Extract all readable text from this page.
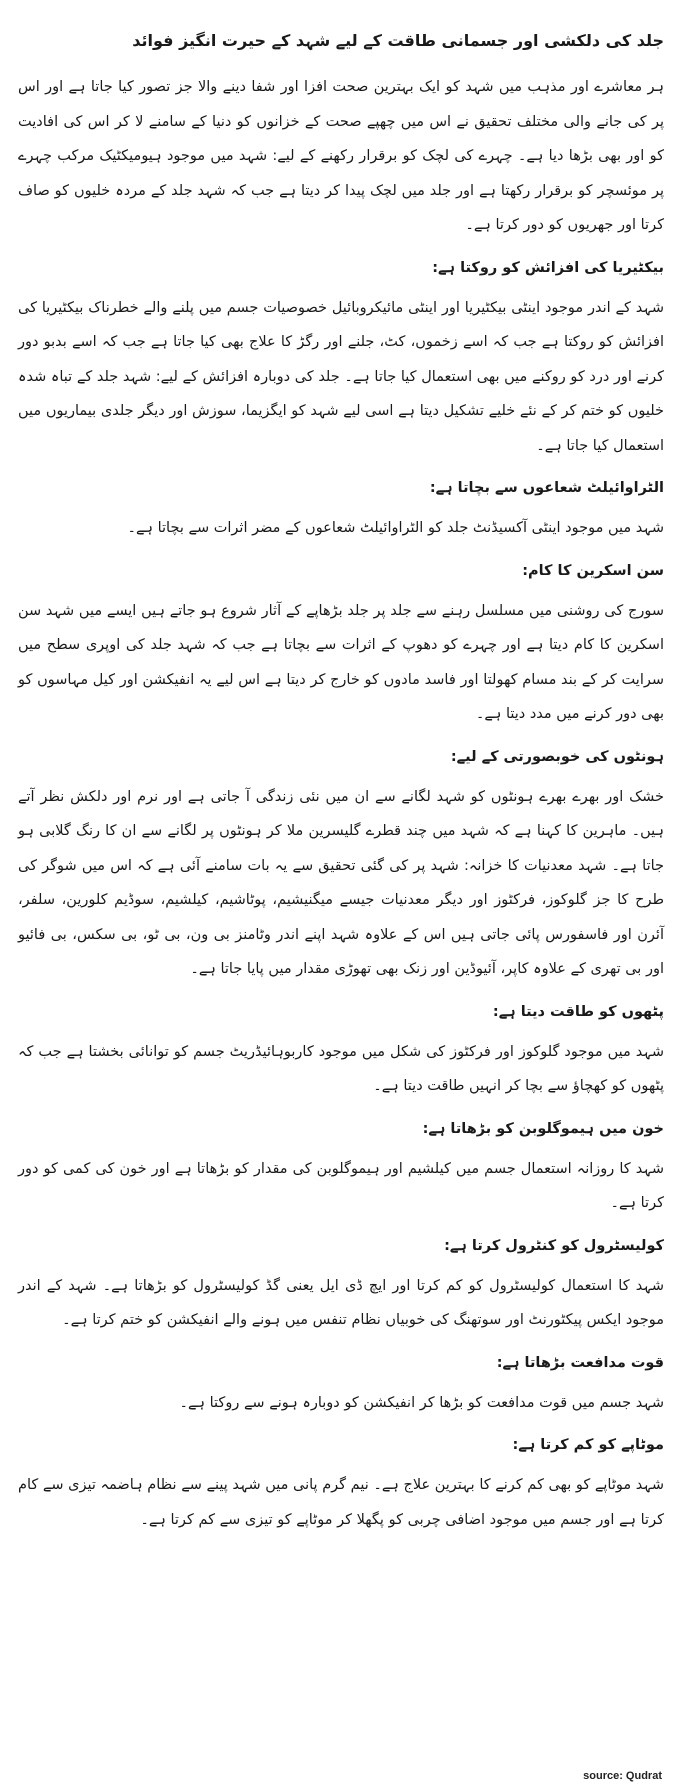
جلد کی دلکشی اور جسمانی طاقت کے لیے شہد کے حیرت انگیز فوائد
ہر معاشرے اور مذہب میں شہد کو ایک بہترین صحت افزا اور شفا دینے والا جز تصور کیا جاتا ہے اور اس پر کی جانے والی مختلف تحقیق نے اس میں چھپے صحت کے خزانوں کو دنیا کے سامنے لا کر اس کی افادیت کو اور بھی بڑھا دیا ہے۔ چہرے کی لچک کو برقرار رکھنے کے لیے: شہد میں موجود ہیومیکٹیک مرکب چہرے پر موئسچر کو برقرار رکھتا ہے اور جلد میں لچک پیدا کر دیتا ہے جب کہ شہد جلد کے مردہ خلیوں کو صاف کرتا اور جھریوں کو دور کرتا ہے۔
بیکٹیریا کی افزائش کو روکتا ہے:
شہد کے اندر موجود اینٹی بیکٹیریا اور اینٹی مائیکروبائیل خصوصیات جسم میں پلنے والے خطرناک بیکٹیریا کی افزائش کو روکتا ہے جب کہ اسے زخموں، کٹ، جلنے اور رگڑ کا علاج بھی کیا جاتا ہے جب کہ اسے بدبو دور کرنے اور درد کو روکنے میں بھی استعمال کیا جاتا ہے۔ جلد کی دوبارہ افزائش کے لیے: شہد جلد کے تباہ شدہ خلیوں کو ختم کر کے نئے خلیے تشکیل دیتا ہے اسی لیے شہد کو ایگزیما، سوزش اور دیگر جلدی بیماریوں میں استعمال کیا جاتا ہے۔
الٹراوائیلٹ شعاعوں سے بچاتا ہے:
شہد میں موجود اینٹی آکسیڈنٹ جلد کو الٹراوائیلٹ شعاعوں کے مضر اثرات سے بچاتا ہے۔
سن اسکرین کا کام:
سورج کی روشنی میں مسلسل رہنے سے جلد پر جلد بڑھاپے کے آثار شروع ہو جاتے ہیں ایسے میں شہد سن اسکرین کا کام دیتا ہے اور چہرے کو دھوپ کے اثرات سے بچاتا ہے جب کہ شہد جلد کی اوپری سطح میں سرایت کر کے بند مسام کھولتا اور فاسد مادوں کو خارج کر دیتا ہے اس لیے یہ انفیکشن اور کیل مہاسوں کو بھی دور کرنے میں مدد دیتا ہے۔
ہونٹوں کی خوبصورتی کے لیے:
خشک اور بھرے بھرے ہونٹوں کو شہد لگانے سے ان میں نئی زندگی آ جاتی ہے اور نرم اور دلکش نظر آتے ہیں۔ ماہرین کا کہنا ہے کہ شہد میں چند قطرے گلیسرین ملا کر ہونٹوں پر لگانے سے ان کا رنگ گلابی ہو جاتا ہے۔ شہد معدنیات کا خزانہ: شہد پر کی گئی تحقیق سے یہ بات سامنے آئی ہے کہ اس میں شوگر کی طرح کا جز گلوکوز، فرکٹوز اور دیگر معدنیات جیسے میگنیشیم، پوٹاشیم، کیلشیم، سوڈیم کلورین، سلفر، آئرن اور فاسفورس پائی جاتی ہیں اس کے علاوہ شہد اپنے اندر وٹامنز بی ون، بی ٹو، بی سکس، بی فائیو اور بی تھری کے علاوہ کاپر، آئیوڈین اور زنک بھی تھوڑی مقدار میں پایا جاتا ہے۔
پٹھوں کو طاقت دیتا ہے:
شہد میں موجود گلوکوز اور فرکٹوز کی شکل میں موجود کاربوہائیڈریٹ جسم کو توانائی بخشتا ہے جب کہ پٹھوں کو کھچاؤ سے بچا کر انہیں طاقت دیتا ہے۔
خون میں ہیموگلوبن کو بڑھاتا ہے:
شہد کا روزانہ استعمال جسم میں کیلشیم اور ہیموگلوبن کی مقدار کو بڑھاتا ہے اور خون کی کمی کو دور کرتا ہے۔
کولیسٹرول کو کنٹرول کرتا ہے:
شہد کا استعمال کولیسٹرول کو کم کرتا اور ایچ ڈی ایل یعنی گڈ کولیسٹرول کو بڑھاتا ہے۔ شہد کے اندر موجود ایکس پیکٹورنٹ اور سوتھنگ کی خوبیاں نظام تنفس میں ہونے والے انفیکشن کو ختم کرتا ہے۔
قوت مدافعت بڑھاتا ہے:
شہد جسم میں قوت مدافعت کو بڑھا کر انفیکشن کو دوبارہ ہونے سے روکتا ہے۔
موٹاپے کو کم کرتا ہے:
شہد موٹاپے کو بھی کم کرنے کا بہترین علاج ہے۔ نیم گرم پانی میں شہد پینے سے نظام ہاضمہ تیزی سے کام کرتا ہے اور جسم میں موجود اضافی چربی کو پگھلا کر موٹاپے کو تیزی سے کم کرتا ہے۔
source: Qudrat
